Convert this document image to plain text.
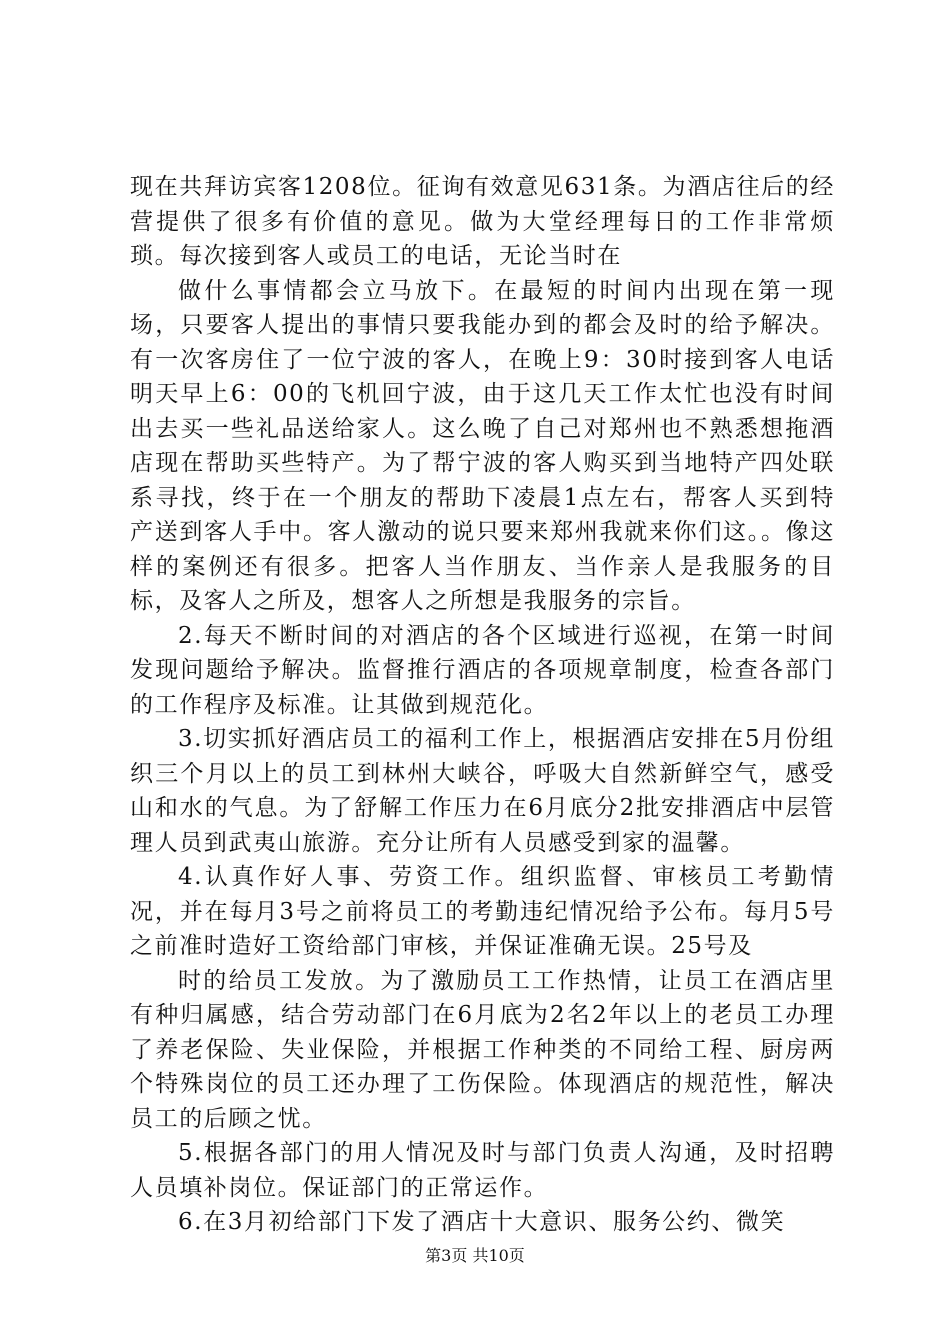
现在共拜访宾客1208位。征询有效意见631条。为酒店往后的经营提供了很多有价值的意见。做为大堂经理每日的工作非常烦琐。每次接到客人或员工的电话，无论当时在

做什么事情都会立马放下。在最短的时间内出现在第一现场，只要客人提出的事情只要我能办到的都会及时的给予解决。有一次客房住了一位宁波的客人，在晚上9：30时接到客人电话明天早上6：00的飞机回宁波，由于这几天工作太忙也没有时间出去买一些礼品送给家人。这么晚了自己对郑州也不熟悉想拖酒店现在帮助买些特产。为了帮宁波的客人购买到当地特产四处联系寻找，终于在一个朋友的帮助下凌晨1点左右，帮客人买到特产送到客人手中。客人激动的说只要来郑州我就来你们这。。像这样的案例还有很多。把客人当作朋友、当作亲人是我服务的目标，及客人之所及，想客人之所想是我服务的宗旨。

2.每天不断时间的对酒店的各个区域进行巡视，在第一时间发现问题给予解决。监督推行酒店的各项规章制度，检查各部门的工作程序及标准。让其做到规范化。

3.切实抓好酒店员工的福利工作上，根据酒店安排在5月份组织三个月以上的员工到林州大峡谷，呼吸大自然新鲜空气，感受山和水的气息。为了舒解工作压力在6月底分2批安排酒店中层管理人员到武夷山旅游。充分让所有人员感受到家的温馨。

4.认真作好人事、劳资工作。组织监督、审核员工考勤情况，并在每月3号之前将员工的考勤违纪情况给予公布。每月5号之前准时造好工资给部门审核，并保证准确无误。25号及

时的给员工发放。为了激励员工工作热情，让员工在酒店里有种归属感，结合劳动部门在6月底为2名2年以上的老员工办理了养老保险、失业保险，并根据工作种类的不同给工程、厨房两个特殊岗位的员工还办理了工伤保险。体现酒店的规范性，解决员工的后顾之忧。

5.根据各部门的用人情况及时与部门负责人沟通，及时招聘人员填补岗位。保证部门的正常运作。

6.在3月初给部门下发了酒店十大意识、服务公约、微笑

第3页 共10页
